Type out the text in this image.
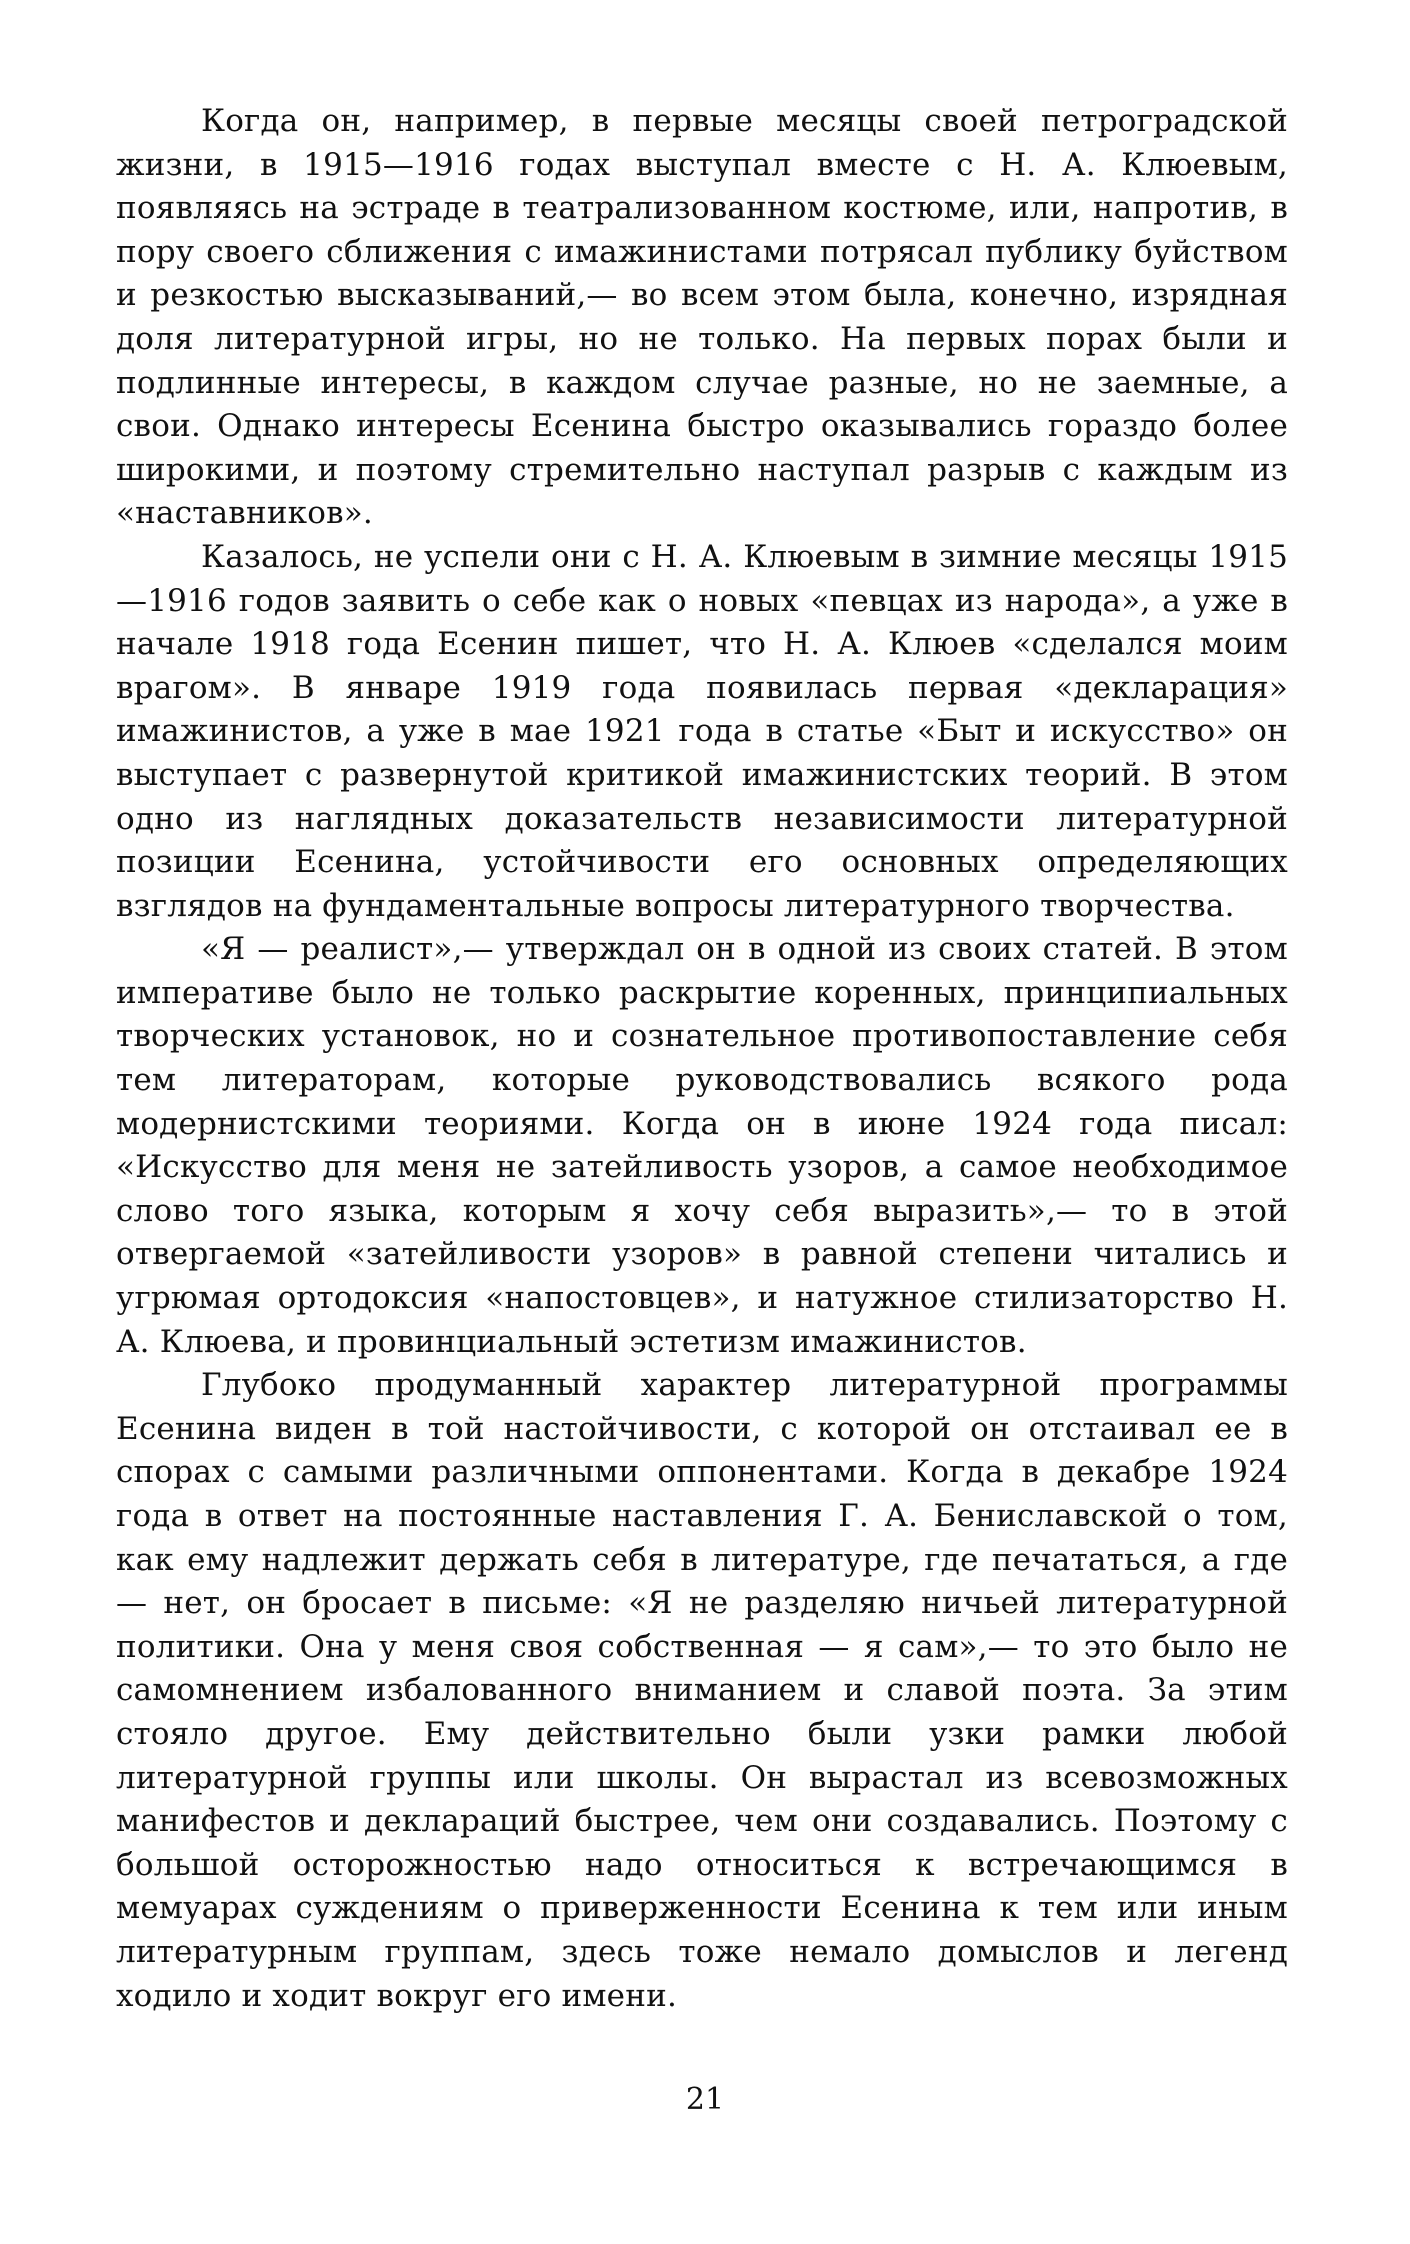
Когда он, например, в первые месяцы своей петроградской жизни, в 1915—1916 годах выступал вместе с Н. А. Клюевым, появляясь на эстраде в театрализованном костюме, или, напротив, в пору своего сближения с имажинистами потрясал публику буйством и резкостью высказываний,— во всем этом была, конечно, изрядная доля литературной игры, но не только. На первых порах были и подлинные интересы, в каждом случае разные, но не заемные, а свои. Однако интересы Есенина быстро оказывались гораздо более широкими, и поэтому стремительно наступал разрыв с каждым из «наставников».

Казалось, не успели они с Н. А. Клюевым в зимние месяцы 1915—1916 годов заявить о себе как о новых «певцах из народа», а уже в начале 1918 года Есенин пишет, что Н. А. Клюев «сделался моим врагом». В январе 1919 года появилась первая «декларация» имажинистов, а уже в мае 1921 года в статье «Быт и искусство» он выступает с развернутой критикой имажинистских теорий. В этом одно из наглядных доказательств независимости литературной позиции Есенина, устойчивости его основных определяющих взглядов на фундаментальные вопросы литературного творчества.

«Я — реалист»,— утверждал он в одной из своих статей. В этом императиве было не только раскрытие коренных, принципиальных творческих установок, но и сознательное противопоставление себя тем литераторам, которые руководствовались всякого рода модернистскими теориями. Когда он в июне 1924 года писал: «Искусство для меня не затейливость узоров, а самое необходимое слово того языка, которым я хочу себя выразить»,— то в этой отвергаемой «затейливости узоров» в равной степени читались и угрюмая ортодоксия «напостовцев», и натужное стилизаторство Н. А. Клюева, и провинциальный эстетизм имажинистов.

Глубоко продуманный характер литературной программы Есенина виден в той настойчивости, с которой он отстаивал ее в спорах с самыми различными оппонентами. Когда в декабре 1924 года в ответ на постоянные наставления Г. А. Бениславской о том, как ему надлежит держать себя в литературе, где печататься, а где — нет, он бросает в письме: «Я не разделяю ничьей литературной политики. Она у меня своя собственная — я сам»,— то это было не самомнением избалованного вниманием и славой поэта. За этим стояло другое. Ему действительно были узки рамки любой литературной группы или школы. Он вырастал из всевозможных манифестов и деклараций быстрее, чем они создавались. Поэтому с большой осторожностью надо относиться к встречающимся в мемуарах суждениям о приверженности Есенина к тем или иным литературным группам, здесь тоже немало домыслов и легенд ходило и ходит вокруг его имени.

21
